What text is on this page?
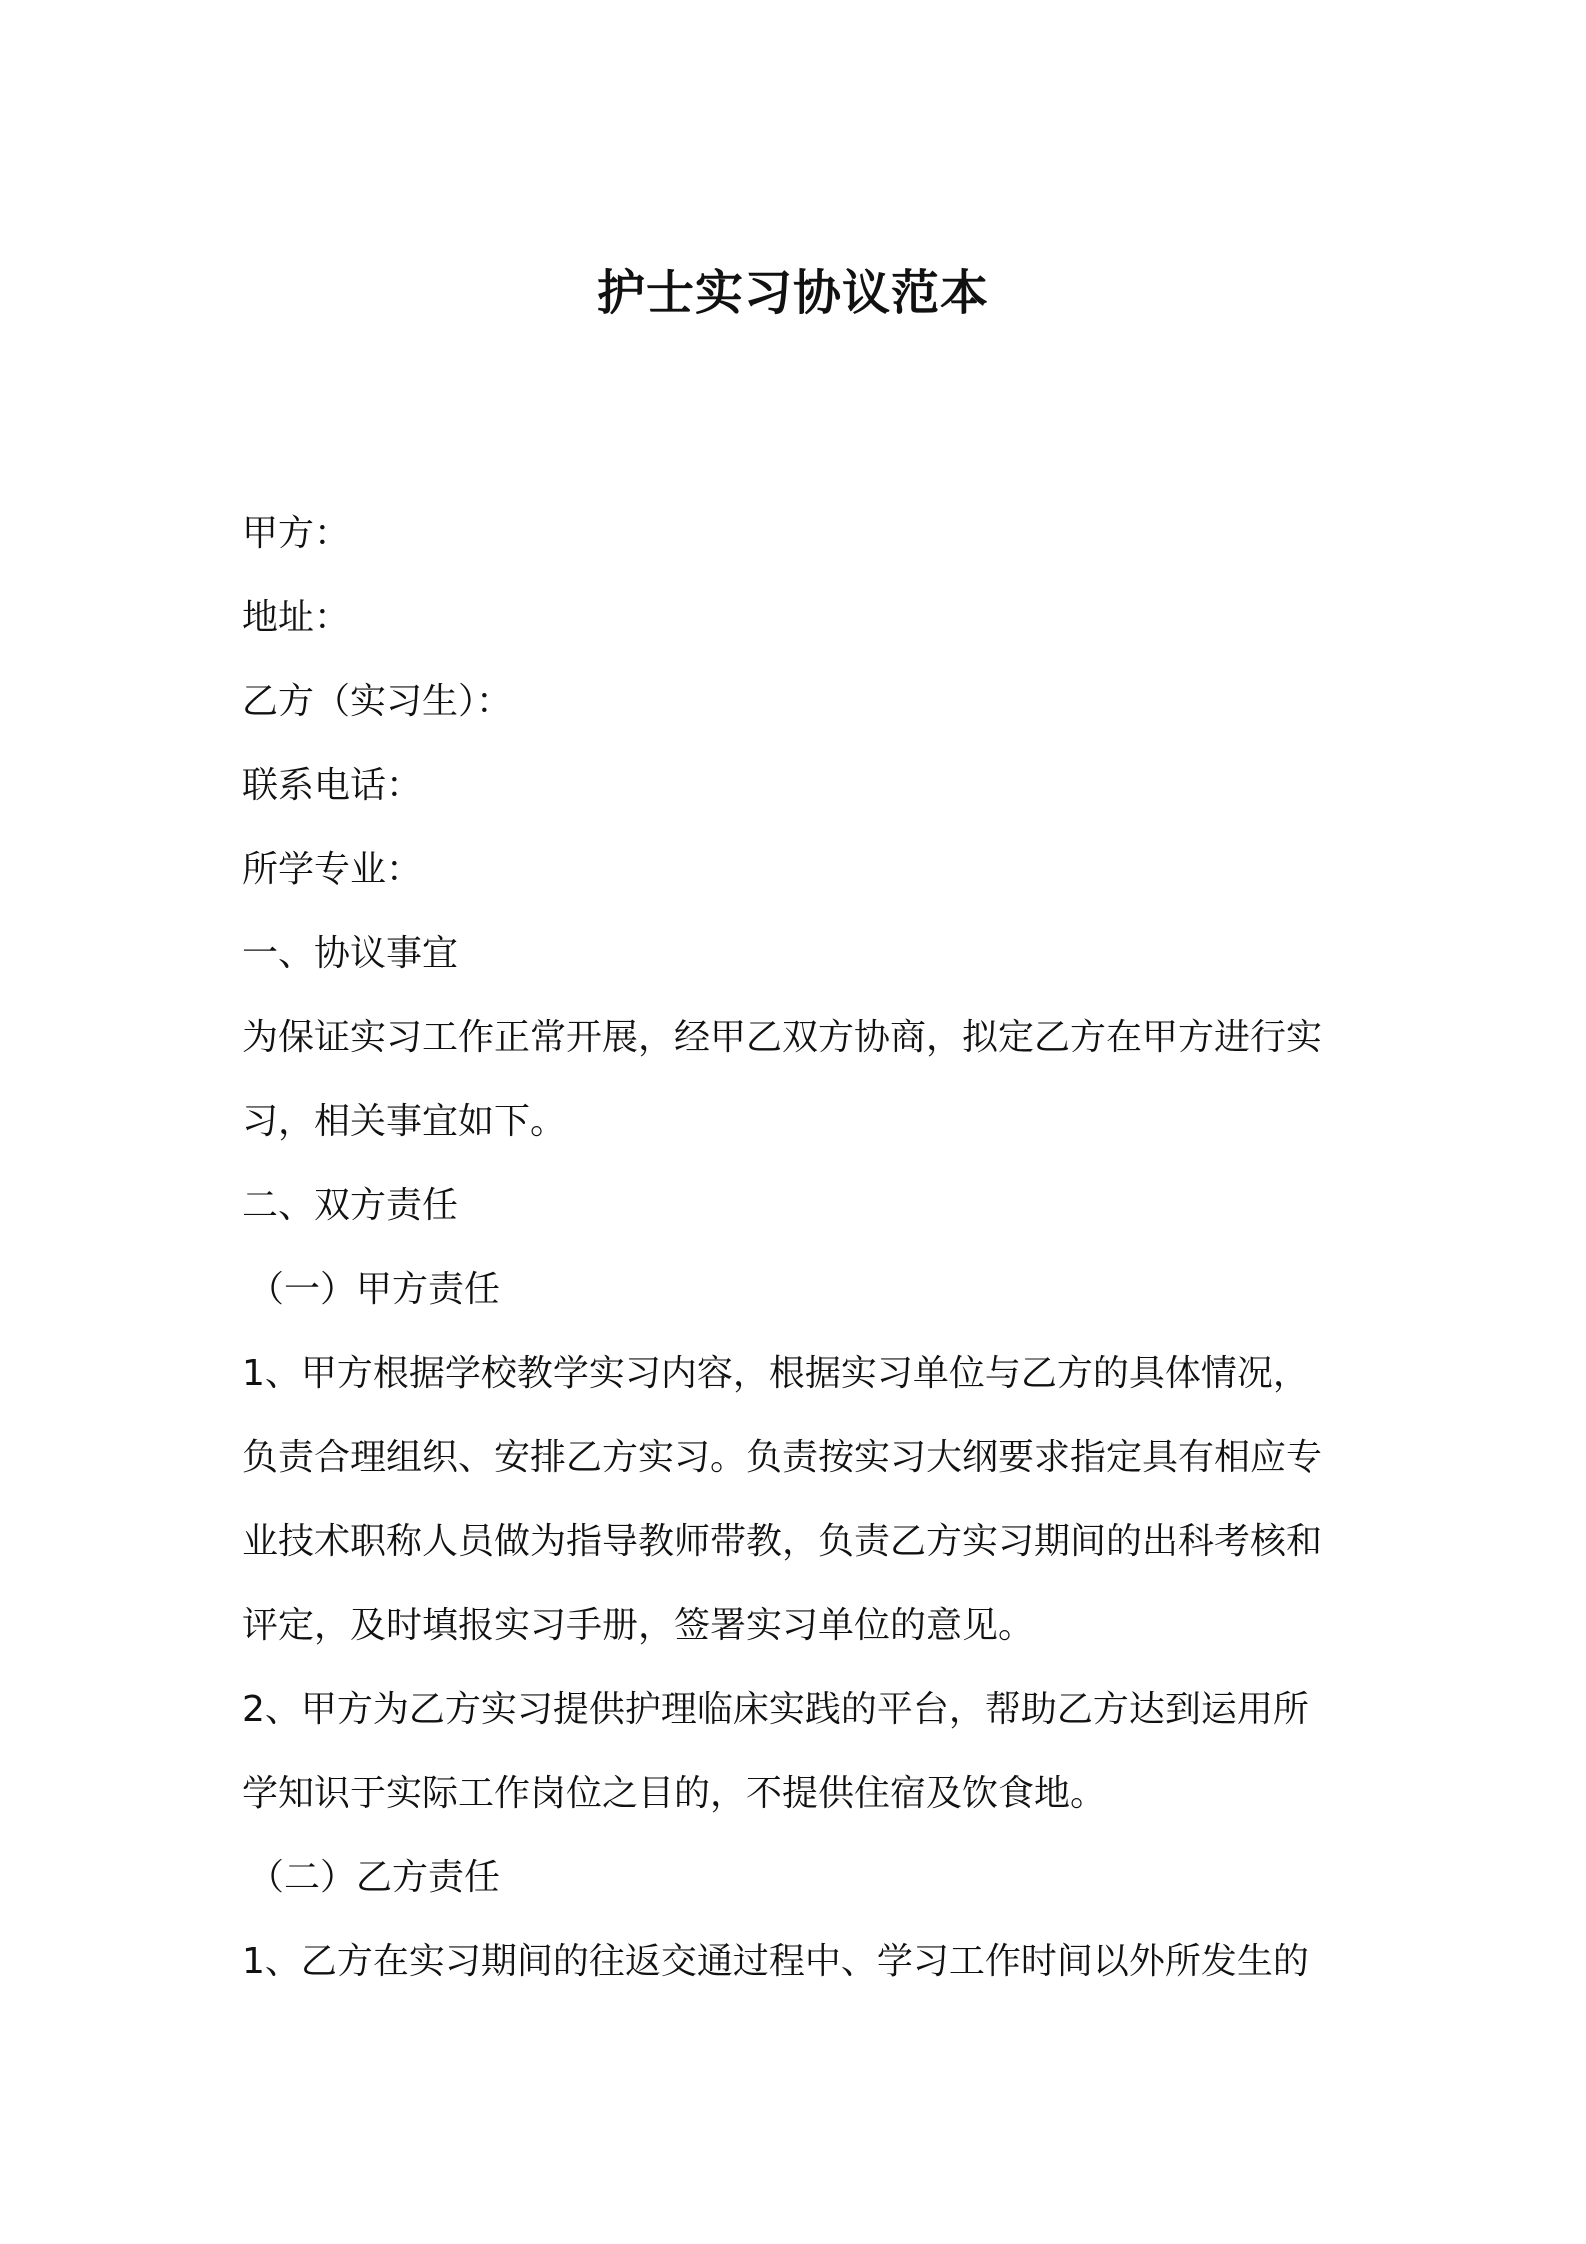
护士实习协议范本
甲方：
地址：
乙方（实习生）：
联系电话：
所学专业：
一、协议事宜
为保证实习工作正常开展，经甲乙双方协商，拟定乙方在甲方进行实
习，相关事宜如下。
二、双方责任
（一）甲方责任
1、甲方根据学校教学实习内容，根据实习单位与乙方的具体情况，
负责合理组织、安排乙方实习。负责按实习大纲要求指定具有相应专
业技术职称人员做为指导教师带教，负责乙方实习期间的出科考核和
评定，及时填报实习手册，签署实习单位的意见。
2、甲方为乙方实习提供护理临床实践的平台，帮助乙方达到运用所
学知识于实际工作岗位之目的，不提供住宿及饮食地。
（二）乙方责任
1、乙方在实习期间的往返交通过程中、学习工作时间以外所发生的
